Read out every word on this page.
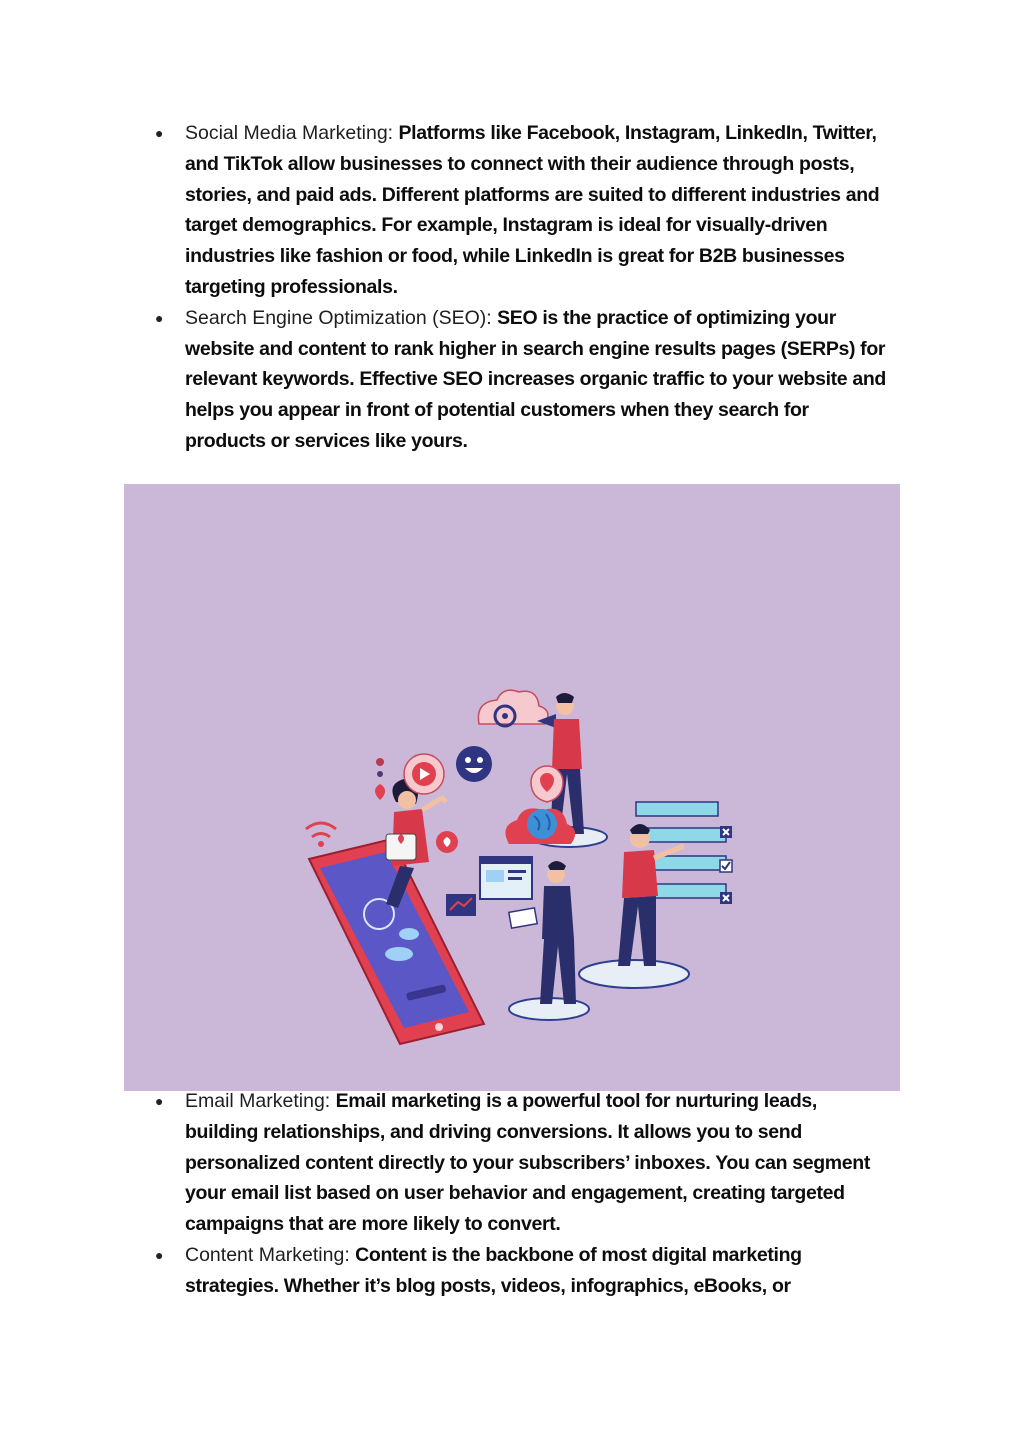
● Social Media Marketing: Platforms like Facebook, Instagram, LinkedIn, Twitter, and TikTok allow businesses to connect with their audience through posts, stories, and paid ads. Different platforms are suited to different industries and target demographics. For example, Instagram is ideal for visually-driven industries like fashion or food, while LinkedIn is great for B2B businesses targeting professionals.
● Search Engine Optimization (SEO): SEO is the practice of optimizing your website and content to rank higher in search engine results pages (SERPs) for relevant keywords. Effective SEO increases organic traffic to your website and helps you appear in front of potential customers when they search for products or services like yours.
● Email Marketing: Email marketing is a powerful tool for nurturing leads, building relationships, and driving conversions. It allows you to send personalized content directly to your subscribers’ inboxes. You can segment your email list based on user behavior and engagement, creating targeted campaigns that are more likely to convert.
● Content Marketing: Content is the backbone of most digital marketing strategies. Whether it’s blog posts, videos, infographics, eBooks, or
